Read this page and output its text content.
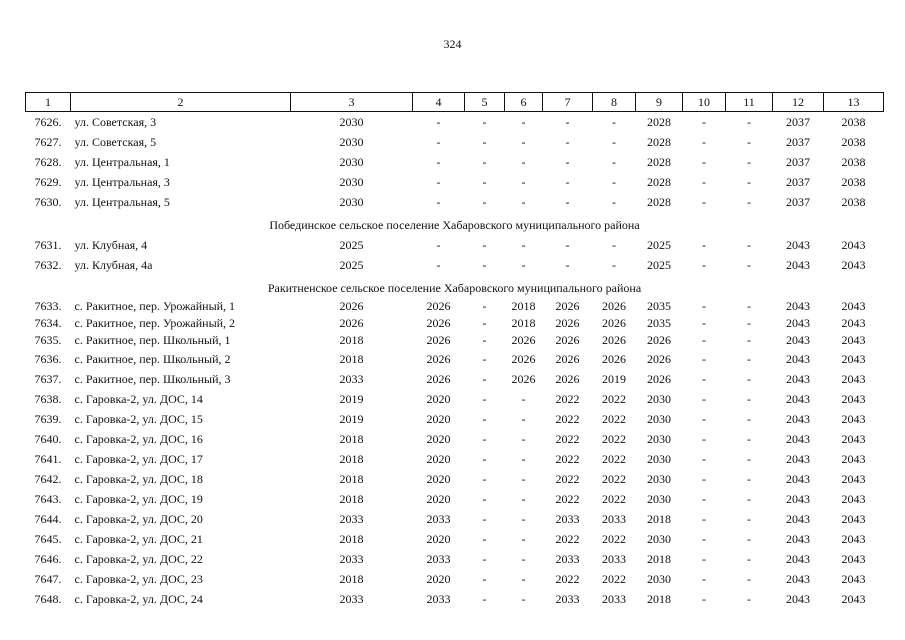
324
1	2	3	4	5	6	7	8	9	10	11	12	13
7626.	ул. Советская, 3	2030	-	-	-	-	-	2028	-	-	2037	2038
7627.	ул. Советская, 5	2030	-	-	-	-	-	2028	-	-	2037	2038
7628.	ул. Центральная, 1	2030	-	-	-	-	-	2028	-	-	2037	2038
7629.	ул. Центральная, 3	2030	-	-	-	-	-	2028	-	-	2037	2038
7630.	ул. Центральная, 5	2030	-	-	-	-	-	2028	-	-	2037	2038
Побединское сельское поселение Хабаровского муниципального района												
7631.	ул. Клубная, 4	2025	-	-	-	-	-	2025	-	-	2043	2043
7632.	ул. Клубная, 4а	2025	-	-	-	-	-	2025	-	-	2043	2043
Ракитненское сельское поселение Хабаровского муниципального района												
7633.	с. Ракитное, пер. Урожайный, 1	2026	2026	-	2018	2026	2026	2035	-	-	2043	2043
7634.	с. Ракитное, пер. Урожайный, 2	2026	2026	-	2018	2026	2026	2035	-	-	2043	2043
7635.	с. Ракитное, пер. Школьный, 1	2018	2026	-	2026	2026	2026	2026	-	-	2043	2043
7636.	с. Ракитное, пер. Школьный, 2	2018	2026	-	2026	2026	2026	2026	-	-	2043	2043
7637.	с. Ракитное, пер. Школьный, 3	2033	2026	-	2026	2026	2019	2026	-	-	2043	2043
7638.	с. Гаровка-2, ул. ДОС, 14	2019	2020	-	-	2022	2022	2030	-	-	2043	2043
7639.	с. Гаровка-2, ул. ДОС, 15	2019	2020	-	-	2022	2022	2030	-	-	2043	2043
7640.	с. Гаровка-2, ул. ДОС, 16	2018	2020	-	-	2022	2022	2030	-	-	2043	2043
7641.	с. Гаровка-2, ул. ДОС, 17	2018	2020	-	-	2022	2022	2030	-	-	2043	2043
7642.	с. Гаровка-2, ул. ДОС, 18	2018	2020	-	-	2022	2022	2030	-	-	2043	2043
7643.	с. Гаровка-2, ул. ДОС, 19	2018	2020	-	-	2022	2022	2030	-	-	2043	2043
7644.	с. Гаровка-2, ул. ДОС, 20	2033	2033	-	-	2033	2033	2018	-	-	2043	2043
7645.	с. Гаровка-2, ул. ДОС, 21	2018	2020	-	-	2022	2022	2030	-	-	2043	2043
7646.	с. Гаровка-2, ул. ДОС, 22	2033	2033	-	-	2033	2033	2018	-	-	2043	2043
7647.	с. Гаровка-2, ул. ДОС, 23	2018	2020	-	-	2022	2022	2030	-	-	2043	2043
7648.	с. Гаровка-2, ул. ДОС, 24	2033	2033	-	-	2033	2033	2018	-	-	2043	2043
